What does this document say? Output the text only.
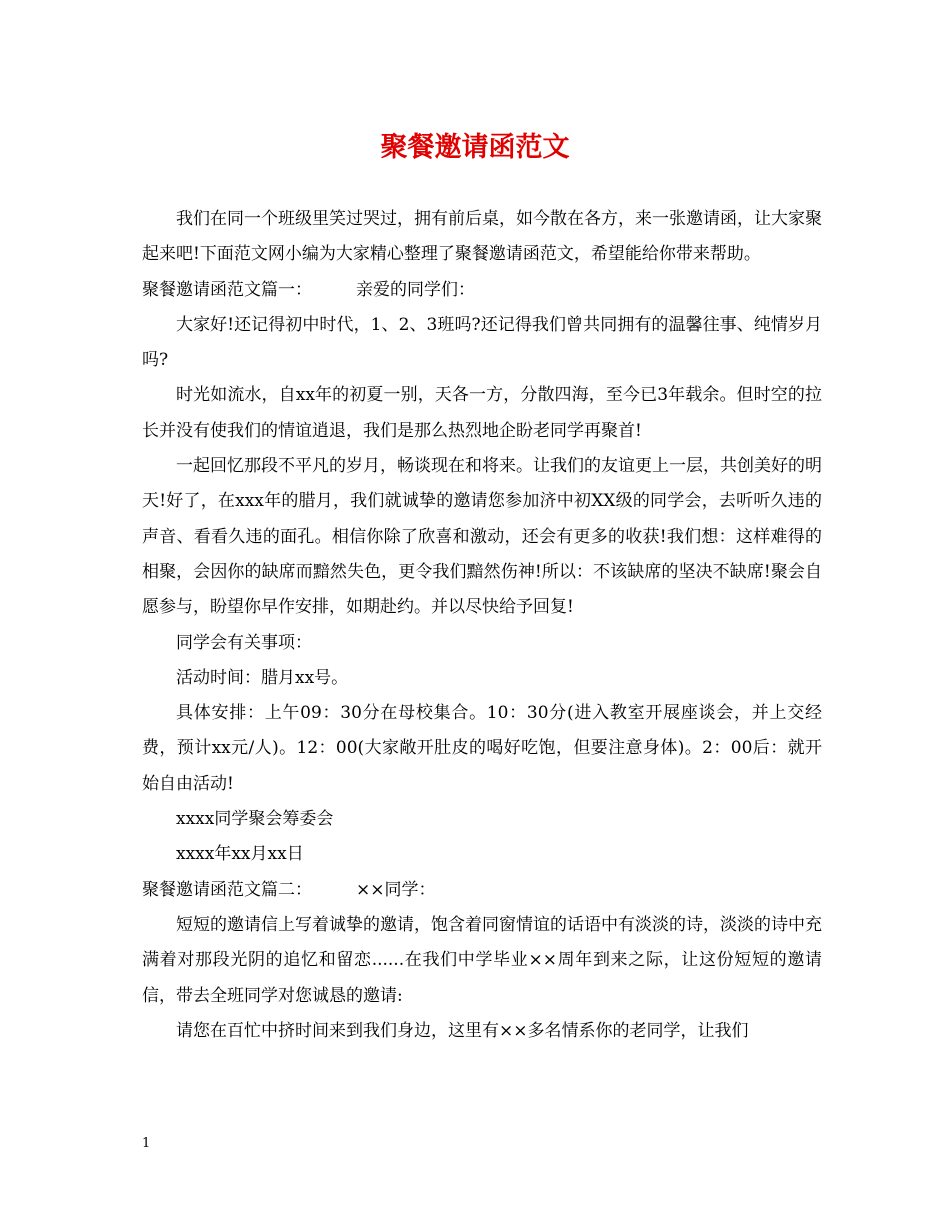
聚餐邀请函范文

我们在同一个班级里笑过哭过，拥有前后桌，如今散在各方，来一张邀请函，让大家聚起来吧!下面范文网小编为大家精心整理了聚餐邀请函范文，希望能给你带来帮助。

聚餐邀请函范文篇一：	亲爱的同学们：

大家好!还记得初中时代，1、2、3班吗?还记得我们曾共同拥有的温馨往事、纯情岁月吗?

时光如流水，自xx年的初夏一别，天各一方，分散四海，至今已3年载余。但时空的拉长并没有使我们的情谊逍退，我们是那么热烈地企盼老同学再聚首!

一起回忆那段不平凡的岁月，畅谈现在和将来。让我们的友谊更上一层，共创美好的明天!好了，在xxx年的腊月，我们就诚挚的邀请您参加济中初XX级的同学会，去听听久违的声音、看看久违的面孔。相信你除了欣喜和激动，还会有更多的收获!我们想：这样难得的相聚，会因你的缺席而黯然失色，更令我们黯然伤神!所以：不该缺席的坚决不缺席!聚会自愿参与，盼望你早作安排，如期赴约。并以尽快给予回复!

同学会有关事项：

活动时间：腊月xx号。

具体安排：上午09：30分在母校集合。10：30分(进入教室开展座谈会，并上交经费，预计xx元/人)。12：00(大家敞开肚皮的喝好吃饱，但要注意身体)。2：00后：就开始自由活动!

xxxx同学聚会筹委会

xxxx年xx月xx日

聚餐邀请函范文篇二：	××同学：

短短的邀请信上写着诚挚的邀请，饱含着同窗情谊的话语中有淡淡的诗，淡淡的诗中充满着对那段光阴的追忆和留恋......在我们中学毕业××周年到来之际，让这份短短的邀请信，带去全班同学对您诚恳的邀请:

请您在百忙中挤时间来到我们身边，这里有××多名情系你的老同学，让我们

1
